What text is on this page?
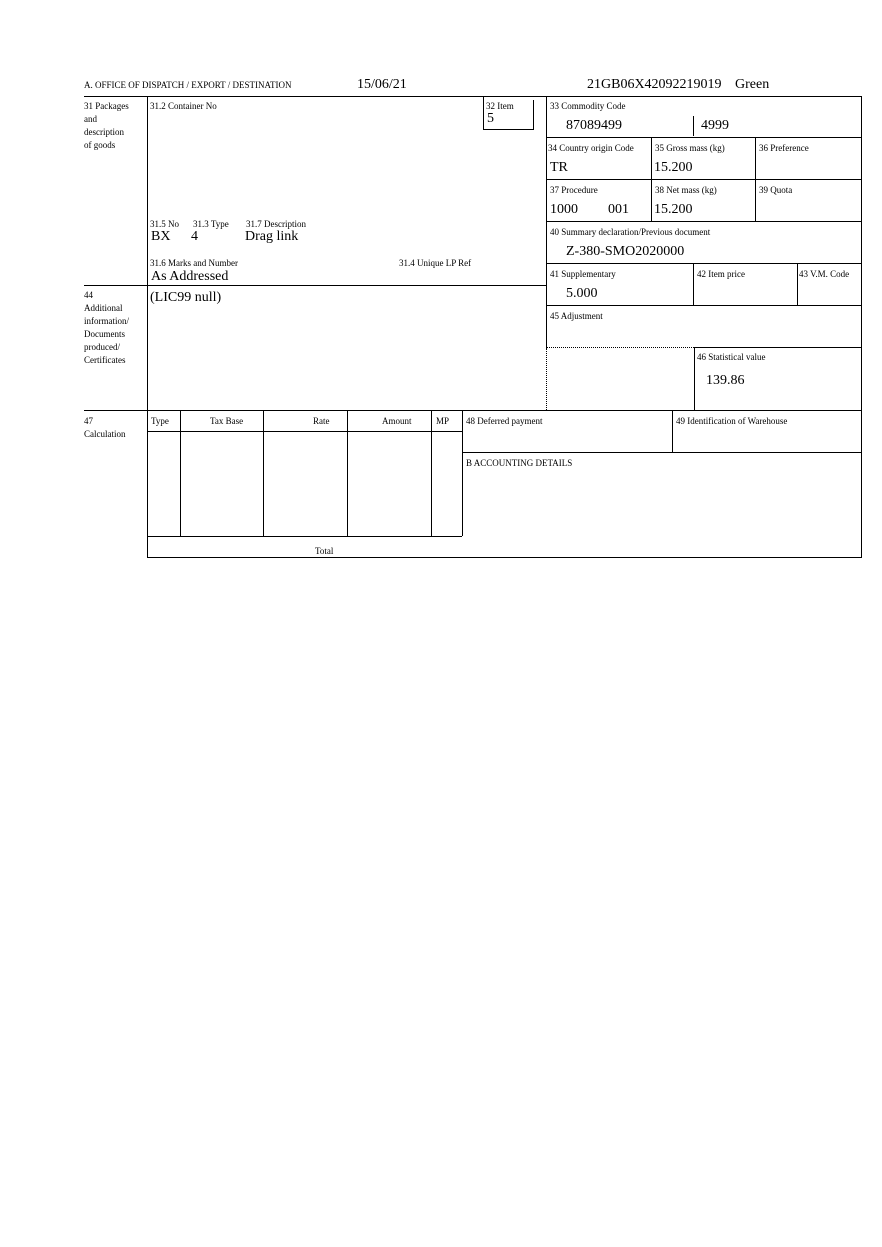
A. OFFICE OF DISPATCH / EXPORT / DESTINATION	15/06/21	21GB06X42092219019 Green
31 Packages
and
description
of goods
44
Additional
information/
Documents
produced/
Certificates
47
Calculation
31.2 Container No
31.5 No 31.3 Type 31.7 Description
BX 4	Drag link
31.6 Marks and Number
As Addressed
31.4 Unique LP Ref
32 Item
5
33 Commodity Code
87089499	4999
34 Country origin Code
TR
35 Gross mass (kg)
15.200
36 Preference
37 Procedure
1000 001
38 Net mass (kg)
15.200
39 Quota
40 Summary declaration/Previous document
Z-380-SMO2020000
41 Supplementary
5.000
42 Item price	43 V.M. Code
45 Adjustment
46 Statistical value
139.86
(LIC99 null)
Type	Tax Base	Rate	Amount	MP
Total
48 Deferred payment	49 Identification of Warehouse
B ACCOUNTING DETAILS
